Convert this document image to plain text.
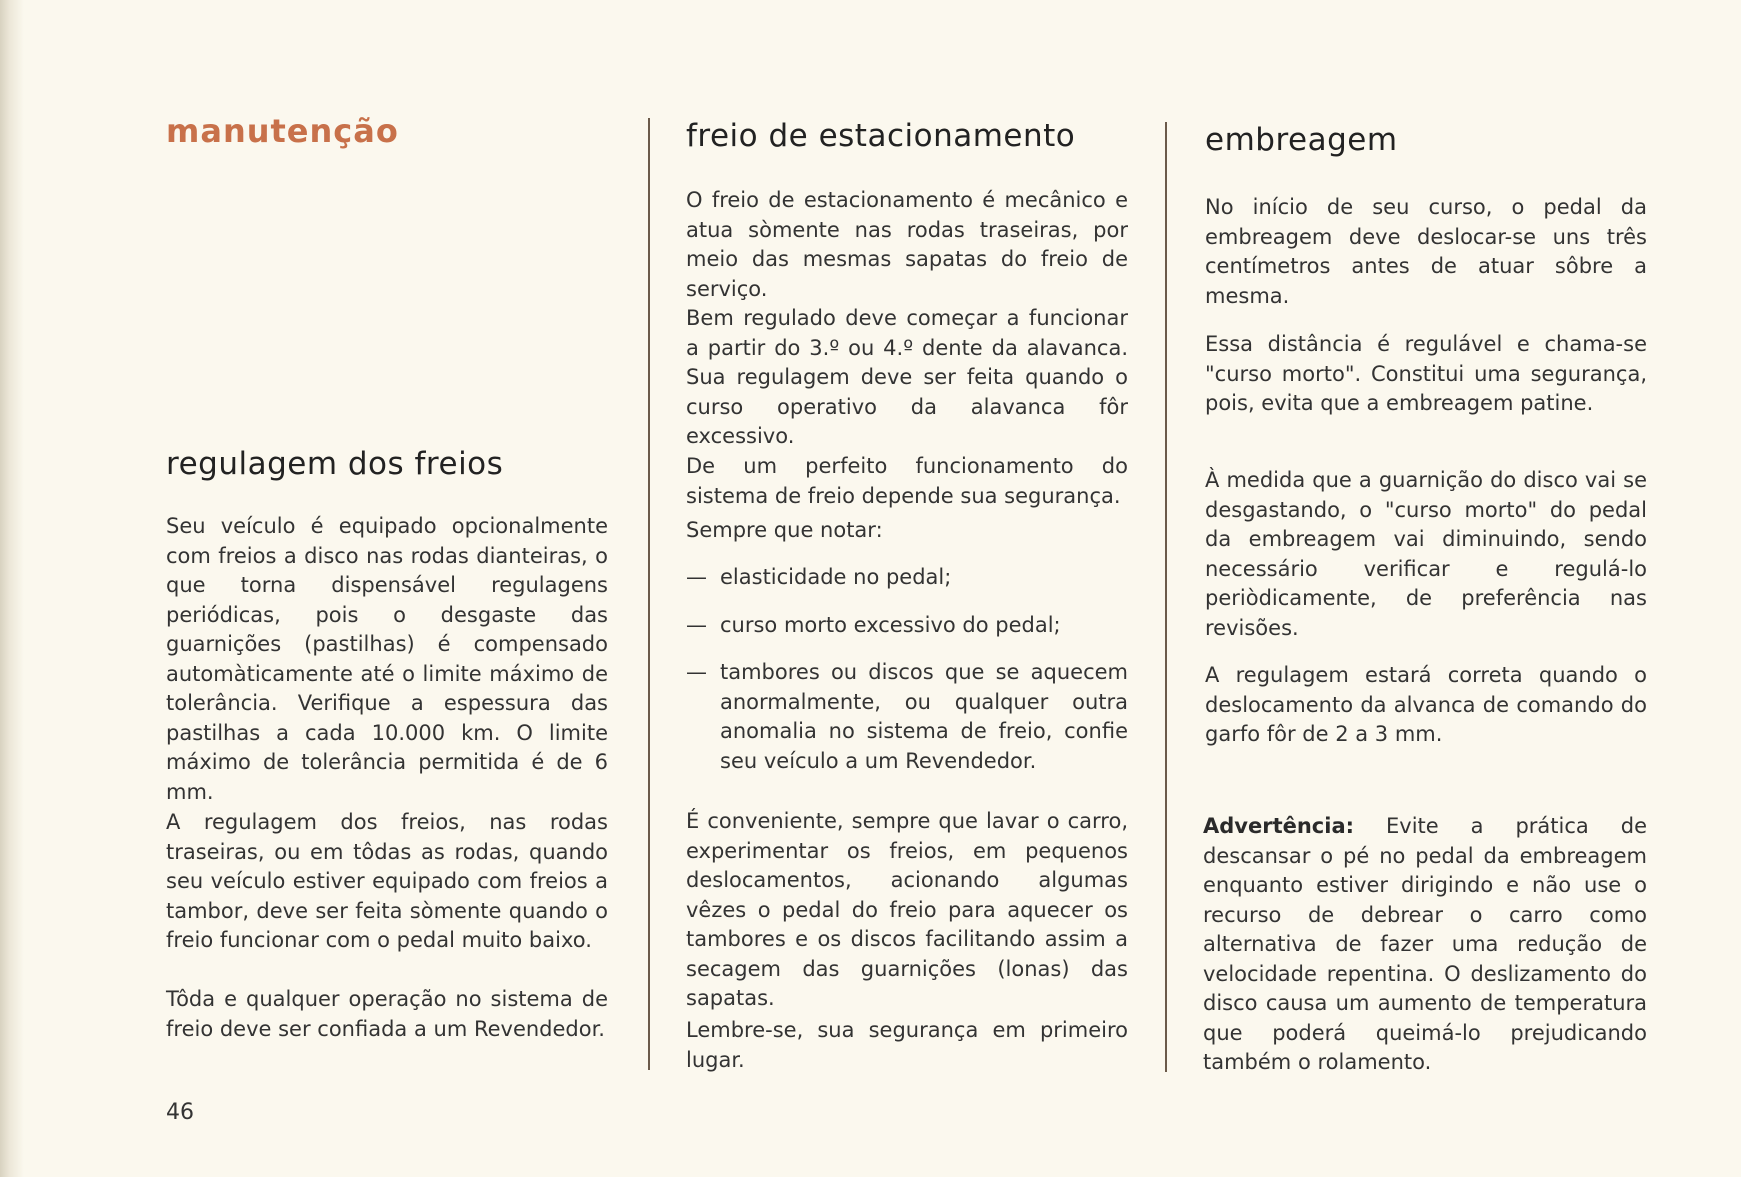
manutenção
regulagem dos freios

Seu veículo é equipado opcionalmente com freios a disco nas rodas dianteiras, o que torna dispensável regulagens periódicas, pois o desgaste das guarnições (pastilhas) é compensado automàticamente até o limite máximo de tolerância. Verifique a espessura das pastilhas a cada 10.000 km. O limite máximo de tolerância permitida é de 6 mm.

A regulagem dos freios, nas rodas traseiras, ou em tôdas as rodas, quando seu veículo estiver equipado com freios a tambor, deve ser feita sòmente quando o freio funcionar com o pedal muito baixo.

Tôda e qualquer operação no sistema de freio deve ser confiada a um Revendedor.

freio de estacionamento

O freio de estacionamento é mecânico e atua sòmente nas rodas traseiras, por meio das mesmas sapatas do freio de serviço.

Bem regulado deve começar a funcionar a partir do 3.º ou 4.º dente da alavanca. Sua regulagem deve ser feita quando o curso operativo da alavanca fôr excessivo.

De um perfeito funcionamento do sistema de freio depende sua segurança.

Sempre que notar:

— elasticidade no pedal;
— curso morto excessivo do pedal;
— tambores ou discos que se aquecem anormalmente, ou qualquer outra anomalia no sistema de freio, confie seu veículo a um Revendedor.

É conveniente, sempre que lavar o carro, experimentar os freios, em pequenos deslocamentos, acionando algumas vêzes o pedal do freio para aquecer os tambores e os discos facilitando assim a secagem das guarnições (lonas) das sapatas.

Lembre-se, sua segurança em primeiro lugar.

embreagem

No início de seu curso, o pedal da embreagem deve deslocar-se uns três centímetros antes de atuar sôbre a mesma.

Essa distância é regulável e chama-se "curso morto". Constitui uma segurança, pois, evita que a embreagem patine.

À medida que a guarnição do disco vai se desgastando, o "curso morto" do pedal da embreagem vai diminuindo, sendo necessário verificar e regulá-lo periòdicamente, de preferência nas revisões.

A regulagem estará correta quando o deslocamento da alvanca de comando do garfo fôr de 2 a 3 mm.

Advertência: Evite a prática de descansar o pé no pedal da embreagem enquanto estiver dirigindo e não use o recurso de debrear o carro como alternativa de fazer uma redução de velocidade repentina. O deslizamento do disco causa um aumento de temperatura que poderá queimá-lo prejudicando também o rolamento.

46
